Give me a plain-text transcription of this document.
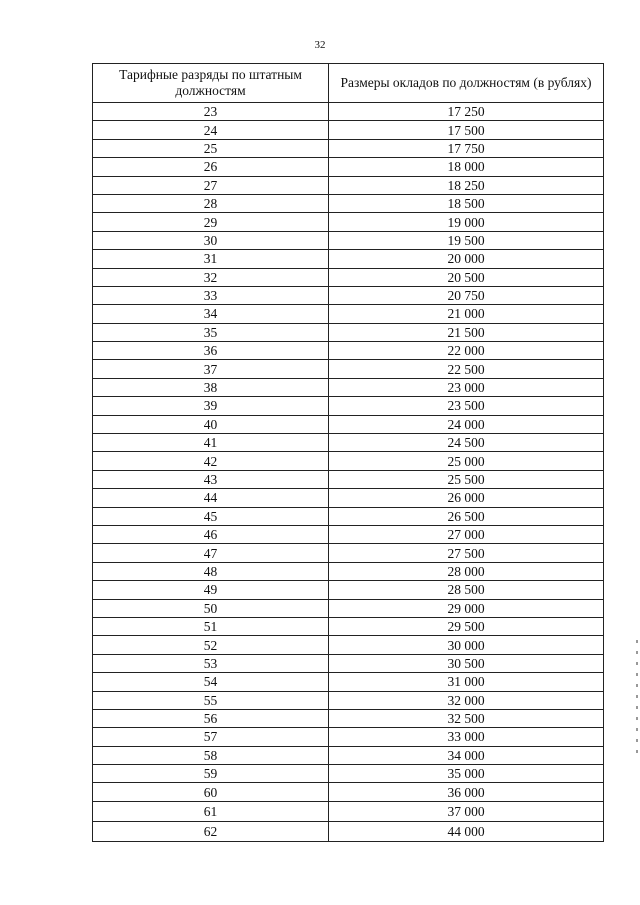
32
Тарифные разряды по штатным должностям	Размеры окладов по должностям (в рублях)
23	17 250
24	17 500
25	17 750
26	18 000
27	18 250
28	18 500
29	19 000
30	19 500
31	20 000
32	20 500
33	20 750
34	21 000
35	21 500
36	22 000
37	22 500
38	23 000
39	23 500
40	24 000
41	24 500
42	25 000
43	25 500
44	26 000
45	26 500
46	27 000
47	27 500
48	28 000
49	28 500
50	29 000
51	29 500
52	30 000
53	30 500
54	31 000
55	32 000
56	32 500
57	33 000
58	34 000
59	35 000
60	36 000
61	37 000
62	44 000
